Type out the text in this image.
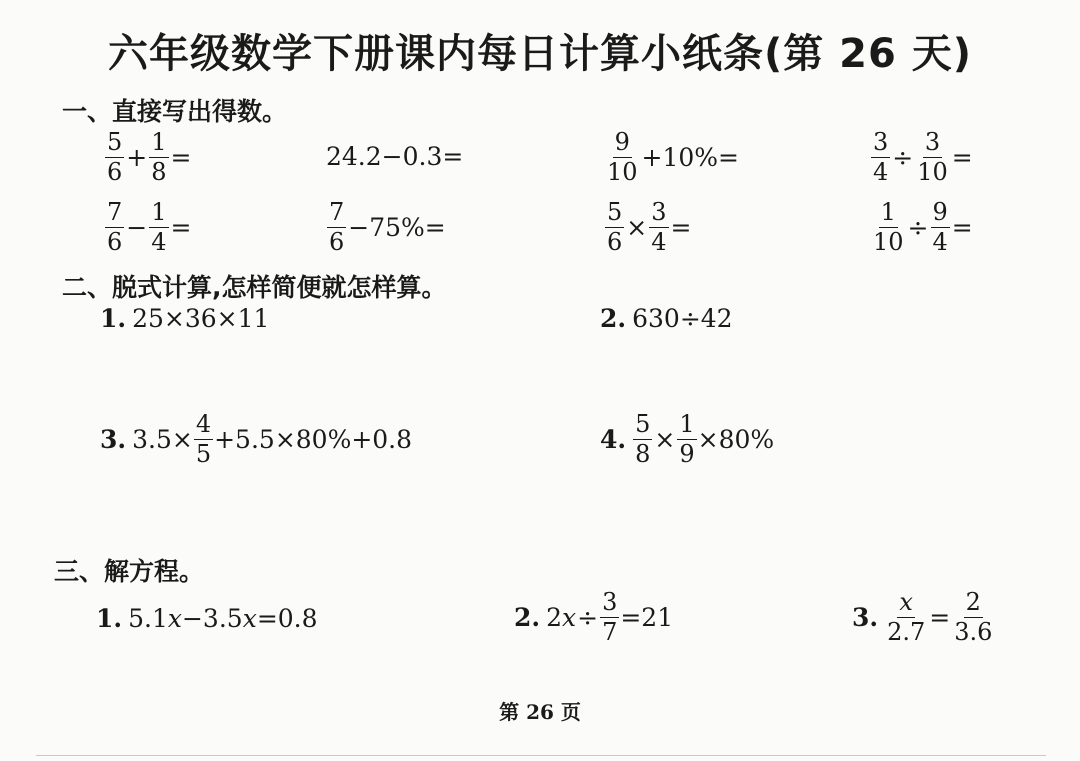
六年级数学下册课内每日计算小纸条(第 26 天)
一、直接写出得数。
$\frac{5}{6} + \frac{1}{8}$ =	24.2−0.3=	$\frac{9}{10} +10\%=$	$\frac{3}{4} \div \frac{3}{10}$ =
$\frac{7}{6} - \frac{1}{4}$ =	$\frac{7}{6} -75\%=$	$\frac{5}{6} \times \frac{3}{4}$ =	$\frac{1}{10} \div \frac{9}{4}$ =
二、脱式计算,怎样简便就怎样算。
1. 25×36×11	2. 630÷42
3. $3.5\times \frac{4}{5} +5.5\times 80\%+0.8$	4. $\frac{5}{8} \times \frac{1}{9} \times 80\%$
三、解方程。
1. 5.1 x −3.5 x =0.8	2. 2 $x \div \frac{3}{7} =21$	3. $\frac{x}{2.7} = \frac{2}{3.6}$
第 26 页
